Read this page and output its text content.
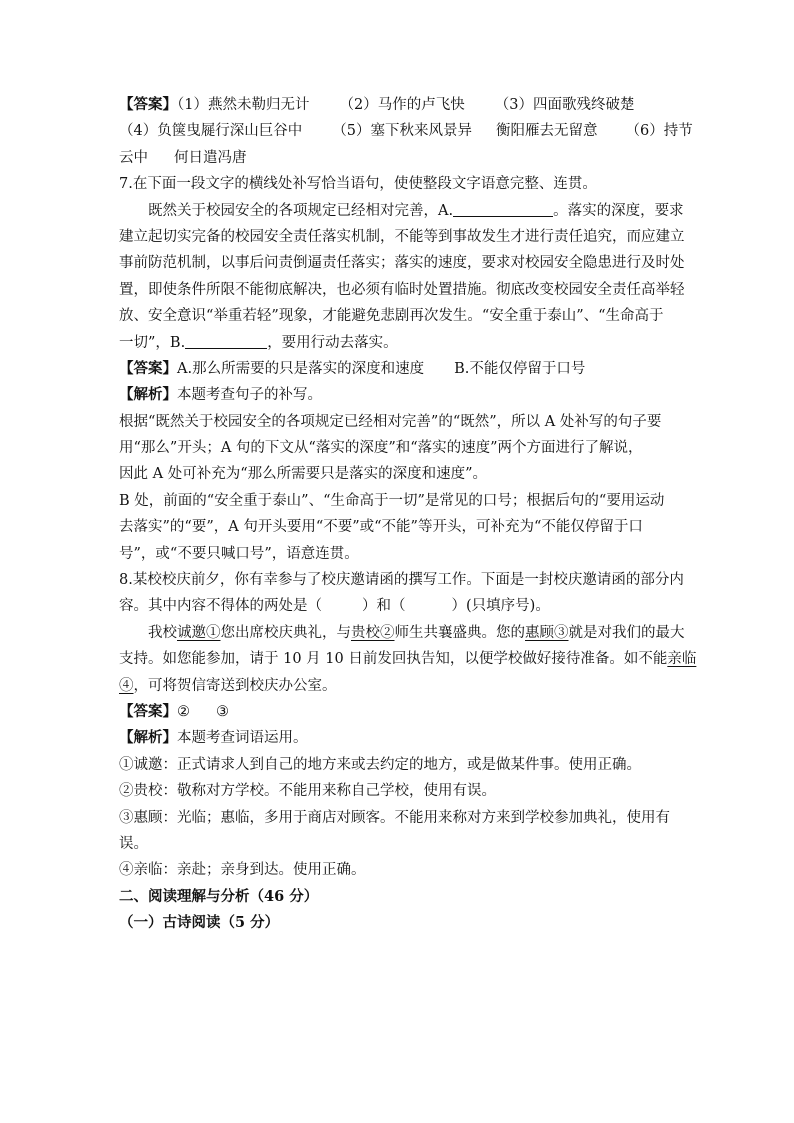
【答案】（1）燕然未勒归无计 （2）马作的卢飞快 （3）四面歌残终破楚
（4）负箧曳屣行深山巨谷中 （5）塞下秋来风景异 衡阳雁去无留意 （6）持节
云中 何日遣冯唐
7.在下面一段文字的横线处补写恰当语句，使使整段文字语意完整、连贯。
既然关于校园安全的各项规定已经相对完善，A.	。落实的深度，要求
建立起切实完备的校园安全责任落实机制，不能等到事故发生才进行责任追究，而应建立
事前防范机制，以事后问责倒逼责任落实；落实的速度，要求对校园安全隐患进行及时处
置，即使条件所限不能彻底解决，也必须有临时处置措施。彻底改变校园安全责任高举轻
放、安全意识“举重若轻”现象，才能避免悲剧再次发生。“安全重于泰山”、“生命高于
一切”，B.	，要用行动去落实。
【答案】A.那么所需要的只是落实的深度和速度 B.不能仅停留于口号
【解析】本题考查句子的补写。
根据“既然关于校园安全的各项规定已经相对完善”的“既然”，所以 A 处补写的句子要
用“那么”开头；A 句的下文从“落实的深度”和“落实的速度”两个方面进行了解说，
因此 A 处可补充为“那么所需要只是落实的深度和速度”。
B 处，前面的“安全重于泰山”、“生命高于一切”是常见的口号；根据后句的“要用运动
去落实”的“要”，A 句开头要用“不要”或“不能”等开头，可补充为“不能仅停留于口
号”，或“不要只喊口号”，语意连贯。
8.某校校庆前夕，你有幸参与了校庆邀请函的撰写工作。下面是一封校庆邀请函的部分内
容。其中内容不得体的两处是（	）和（	）(只填序号)。
我校诚邀①您出席校庆典礼，与贵校②师生共襄盛典。您的惠顾③就是对我们的最大
支持。如您能参加，请于 10 月 10 日前发回执告知，以便学校做好接待准备。如不能亲临
④，可将贺信寄送到校庆办公室。
【答案】② ③
【解析】本题考查词语运用。
①诚邀：正式请求人到自己的地方来或去约定的地方，或是做某件事。使用正确。
②贵校：敬称对方学校。不能用来称自己学校，使用有误。
③惠顾：光临；惠临，多用于商店对顾客。不能用来称对方来到学校参加典礼，使用有
误。
④亲临：亲赴；亲身到达。使用正确。
二、阅读理解与分析（46 分）
（一）古诗阅读（5 分）
